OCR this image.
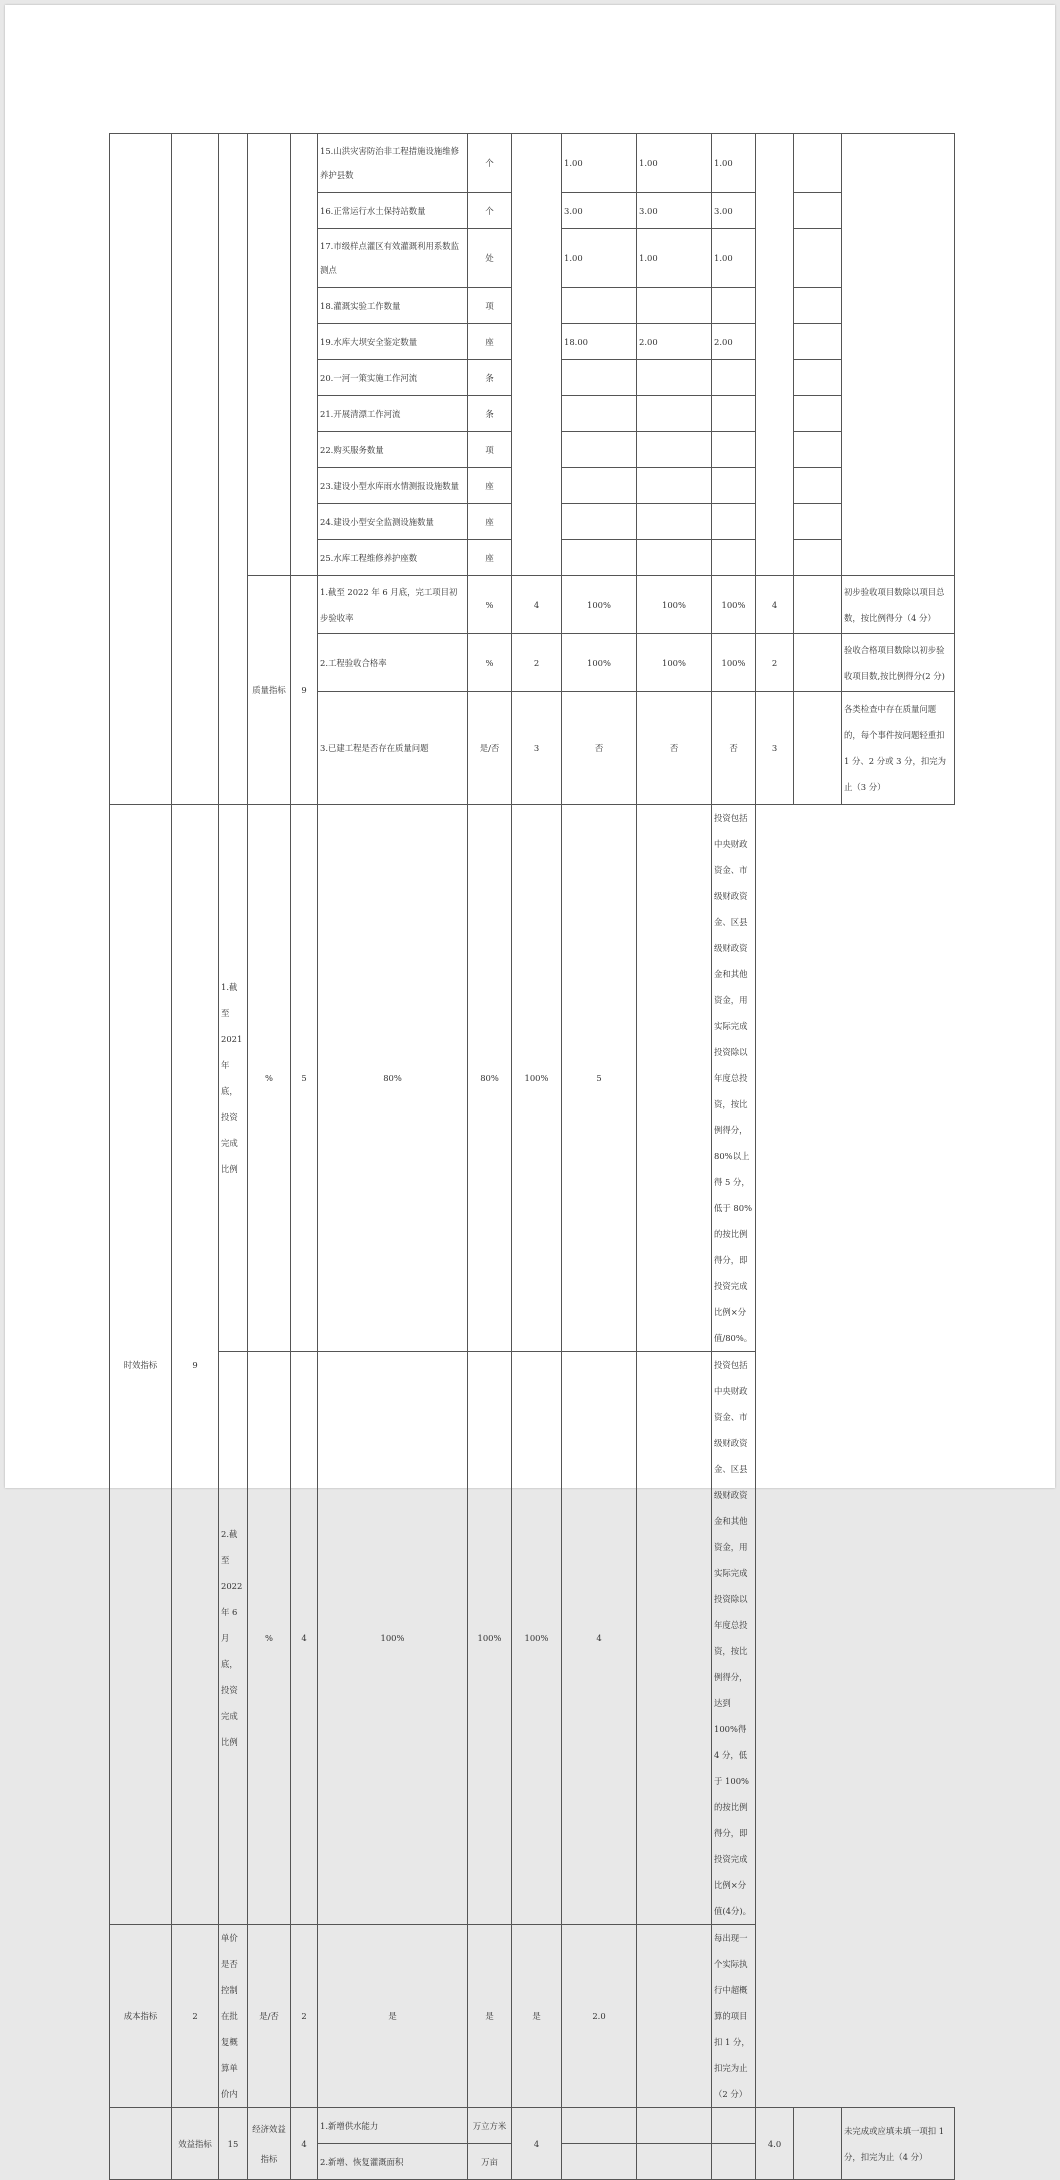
					15.山洪灾害防治非工程措施设施维修养护县数	个		1.00	1.00	1.00			
					16.正常运行水土保持站数量	个		3.00	3.00	3.00			
					17.市级样点灌区有效灌溉利用系数监测点	处		1.00	1.00	1.00			
					18.灌溉实验工作数量	项							
					19.水库大坝安全鉴定数量	座		18.00	2.00	2.00			
					20.一河一策实施工作河流	条							
					21.开展清漂工作河流	条							
					22.购买服务数量	项							
					23.建设小型水库雨水情测报设施数量	座							
					24.建设小型安全监测设施数量	座							
					25.水库工程维修养护座数	座							
			质量指标	9	1.截至 2022 年 6 月底，完工项目初步验收率	%	4	100%	100%	100%	4		初步验收项目数除以项目总数，按比例得分（4 分）
					2.工程验收合格率	%	2	100%	100%	100%	2		验收合格项目数除以初步验收项目数,按比例得分(2 分)
					3.已建工程是否存在质量问题	是/否	3	否	否	否	3		各类检查中存在质量问题的，每个事件按问题轻重扣 1 分、2 分或 3 分，扣完为止（3 分）
时效指标	9	1.截至 2021 年底，投资完成比例	%	5	80%	80%	100%	5		投资包括中央财政资金、市级财政资金、区县级财政资金和其他资金，用实际完成投资除以年度总投资，按比例得分，80%以上得 5 分，低于 80%的按比例得分，即投资完成比例×分值/80%。			
		2.截至 2022 年 6 月底，投资完成比例	%	4	100%	100%	100%	4		投资包括中央财政资金、市级财政资金、区县级财政资金和其他资金，用实际完成投资除以年度总投资，按比例得分，达到 100%得 4 分，低于 100%的按比例得分，即投资完成比例×分值(4分)。			
成本指标	2	单价是否控制在批复概算单价内	是/否	2	是	是	是	2.0		每出现一个实际执行中超概算的项目扣 1 分，扣完为止（2 分）			
	效益指标	15	经济效益指标	4	1.新增供水能力	万立方米	4				4.0		未完成或应填未填一项扣 1 分，扣完为止（4 分）
					2.新增、恢复灌溉面积	万亩							
